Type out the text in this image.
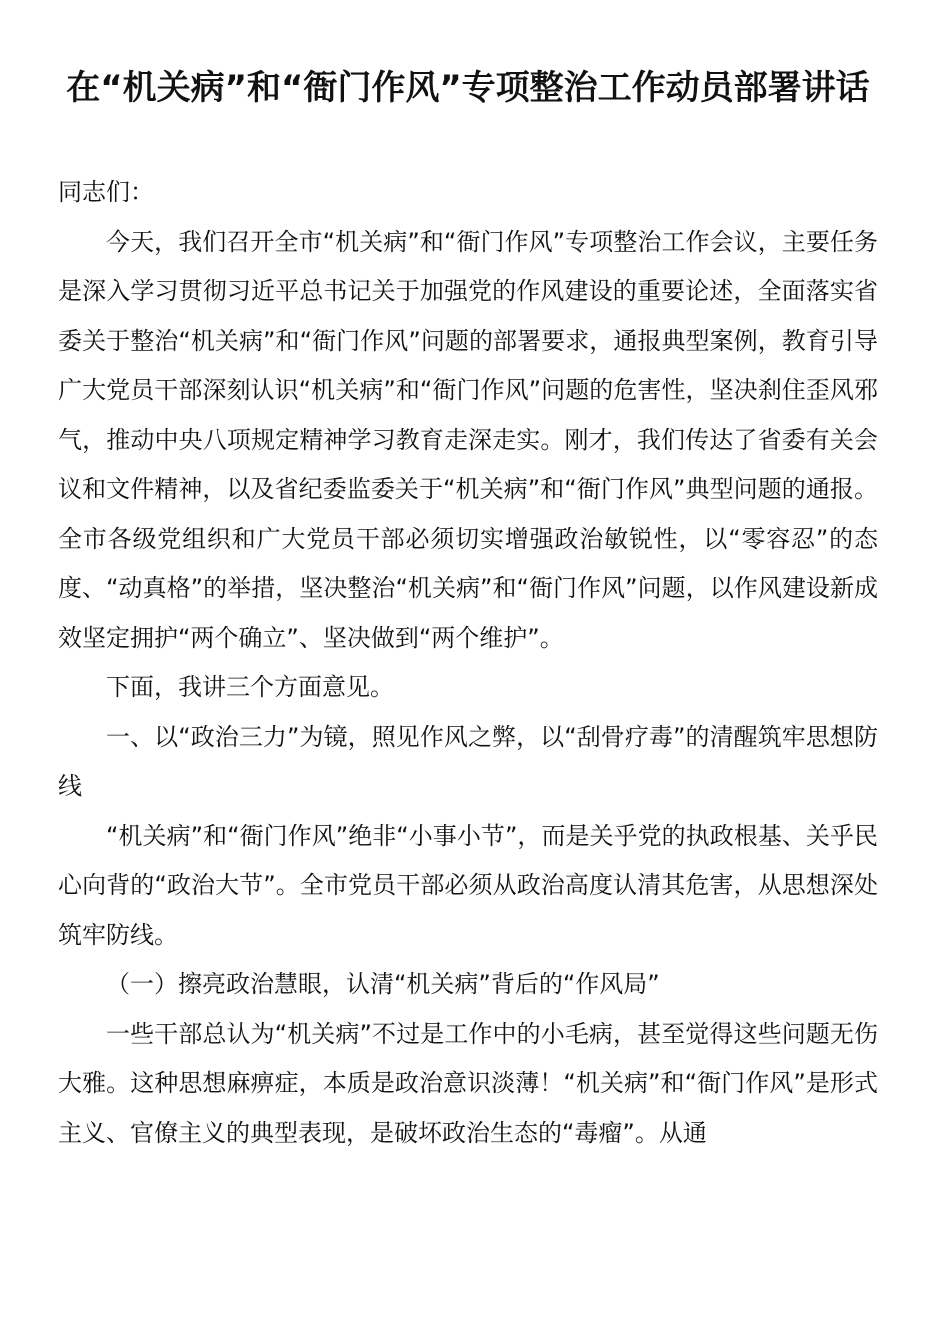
在“机关病”和“衙门作风”专项整治工作动员部署讲话

同志们：

今天，我们召开全市“机关病”和“衙门作风”专项整治工作会议，主要任务是深入学习贯彻习近平总书记关于加强党的作风建设的重要论述，全面落实省委关于整治“机关病”和“衙门作风”问题的部署要求，通报典型案例，教育引导广大党员干部深刻认识“机关病”和“衙门作风”问题的危害性，坚决刹住歪风邪气，推动中央八项规定精神学习教育走深走实。刚才，我们传达了省委有关会议和文件精神，以及省纪委监委关于“机关病”和“衙门作风”典型问题的通报。全市各级党组织和广大党员干部必须切实增强政治敏锐性，以“零容忍”的态度、“动真格”的举措，坚决整治“机关病”和“衙门作风”问题，以作风建设新成效坚定拥护“两个确立”、坚决做到“两个维护”。

下面，我讲三个方面意见。

一、以“政治三力”为镜，照见作风之弊，以“刮骨疗毒”的清醒筑牢思想防线

“机关病”和“衙门作风”绝非“小事小节”，而是关乎党的执政根基、关乎民心向背的“政治大节”。全市党员干部必须从政治高度认清其危害，从思想深处筑牢防线。

（一）擦亮政治慧眼，认清“机关病”背后的“作风局”

一些干部总认为“机关病”不过是工作中的小毛病，甚至觉得这些问题无伤大雅。这种思想麻痹症，本质是政治意识淡薄！“机关病”和“衙门作风”是形式主义、官僚主义的典型表现，是破坏政治生态的“毒瘤”。从通
